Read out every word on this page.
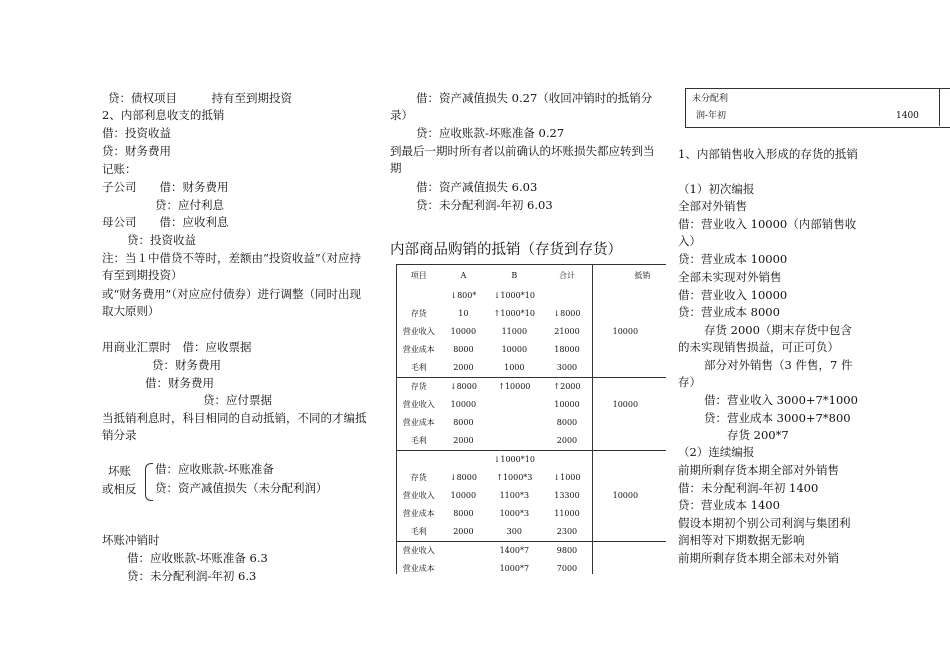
贷：债权项目　　　持有至到期投资
2、内部利息收支的抵销
借：投资收益
贷：财务费用
记账：
子公司　　借：财务费用
贷：应付利息
母公司　　借：应收利息
贷：投资收益
注：当１中借贷不等时，差额由“投资收益”（对应持有至到期投资）
或“财务费用”（对应应付债券）进行调整（同时出现取大原则）
用商业汇票时　借：应收票据
贷：财务费用
借：财务费用
贷：应付票据
当抵销利息时，科目相同的自动抵销，不同的才编抵销分录
坏账
或相反
借：应收账款-坏账准备
贷：资产减值损失（未分配利润）
坏账冲销时
借：应收账款-坏账准备 6.3
贷：未分配利润-年初 6.3
借：资产减值损失 0.27（收回冲销时的抵销分录）
贷：应收账款-坏账准备 0.27
到最后一期时所有者以前确认的坏账损失都应转到当期
借：资产减值损失 6.03
贷：未分配利润-年初 6.03
内部商品购销的抵销（存货到存货）
项目	A	B	合计	抵销	
	↓800*	↓1000*10			
存货	10	↑1000*10	↓8000		
营业收入	10000	11000	21000	10000	
营业成本	8000	10000	18000		
毛利	2000	1000	3000		
存货	↓8000	↑10000	↑2000		
营业收入	10000		10000	10000	
营业成本	8000		8000		
毛利	2000		2000		
		↓1000*10			
存货	↓8000	↑1000*3	↓1000		
营业收入	10000	1100*3	13300	10000	
营业成本	8000	1000*3	11000		
毛利	2000	300	2300		
营业收入		1400*7	9800		
营业成本		1000*7	7000		
未分配利
润-年初	1400
1、内部销售收入形成的存货的抵销
（1）初次编报
全部对外销售
借：营业收入 10000（内部销售收入）
贷：营业成本 10000
全部未实现对外销售
借：营业收入 10000
贷：营业成本 8000
存货 2000（期末存货中包含的未实现销售损益，可正可负）
部分对外销售（3 件售，7 件存）
借：营业收入 3000+7*1000
贷：营业成本 3000+7*800
存货 200*7
（2）连续编报
前期所剩存货本期全部对外销售
借：未分配利润-年初 1400
贷：营业成本 1400
假设本期初个别公司利润与集团利润相等对下期数据无影响
前期所剩存货本期全部未对外销
